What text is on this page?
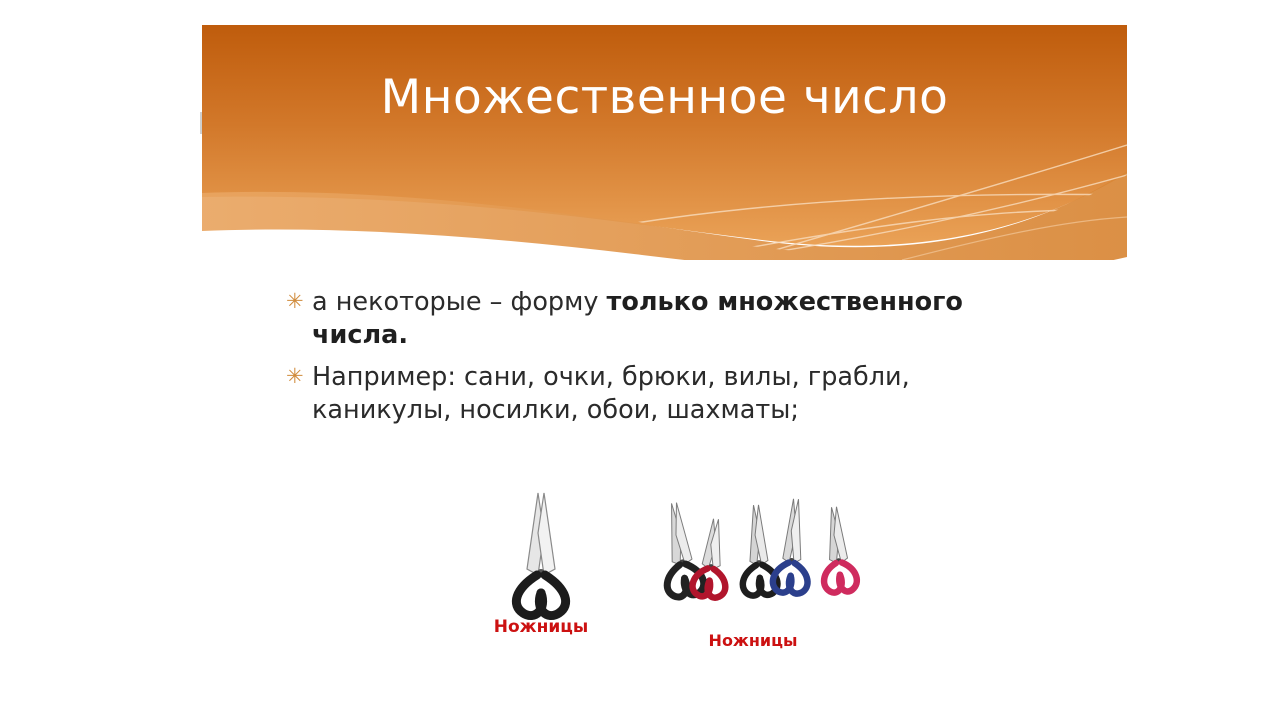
Множественное число
✳ а некоторые – форму только множественного числа.
✳ Например: сани, очки, брюки, вилы, грабли, каникулы, носилки, обои, шахматы;
Ножницы
Ножницы
